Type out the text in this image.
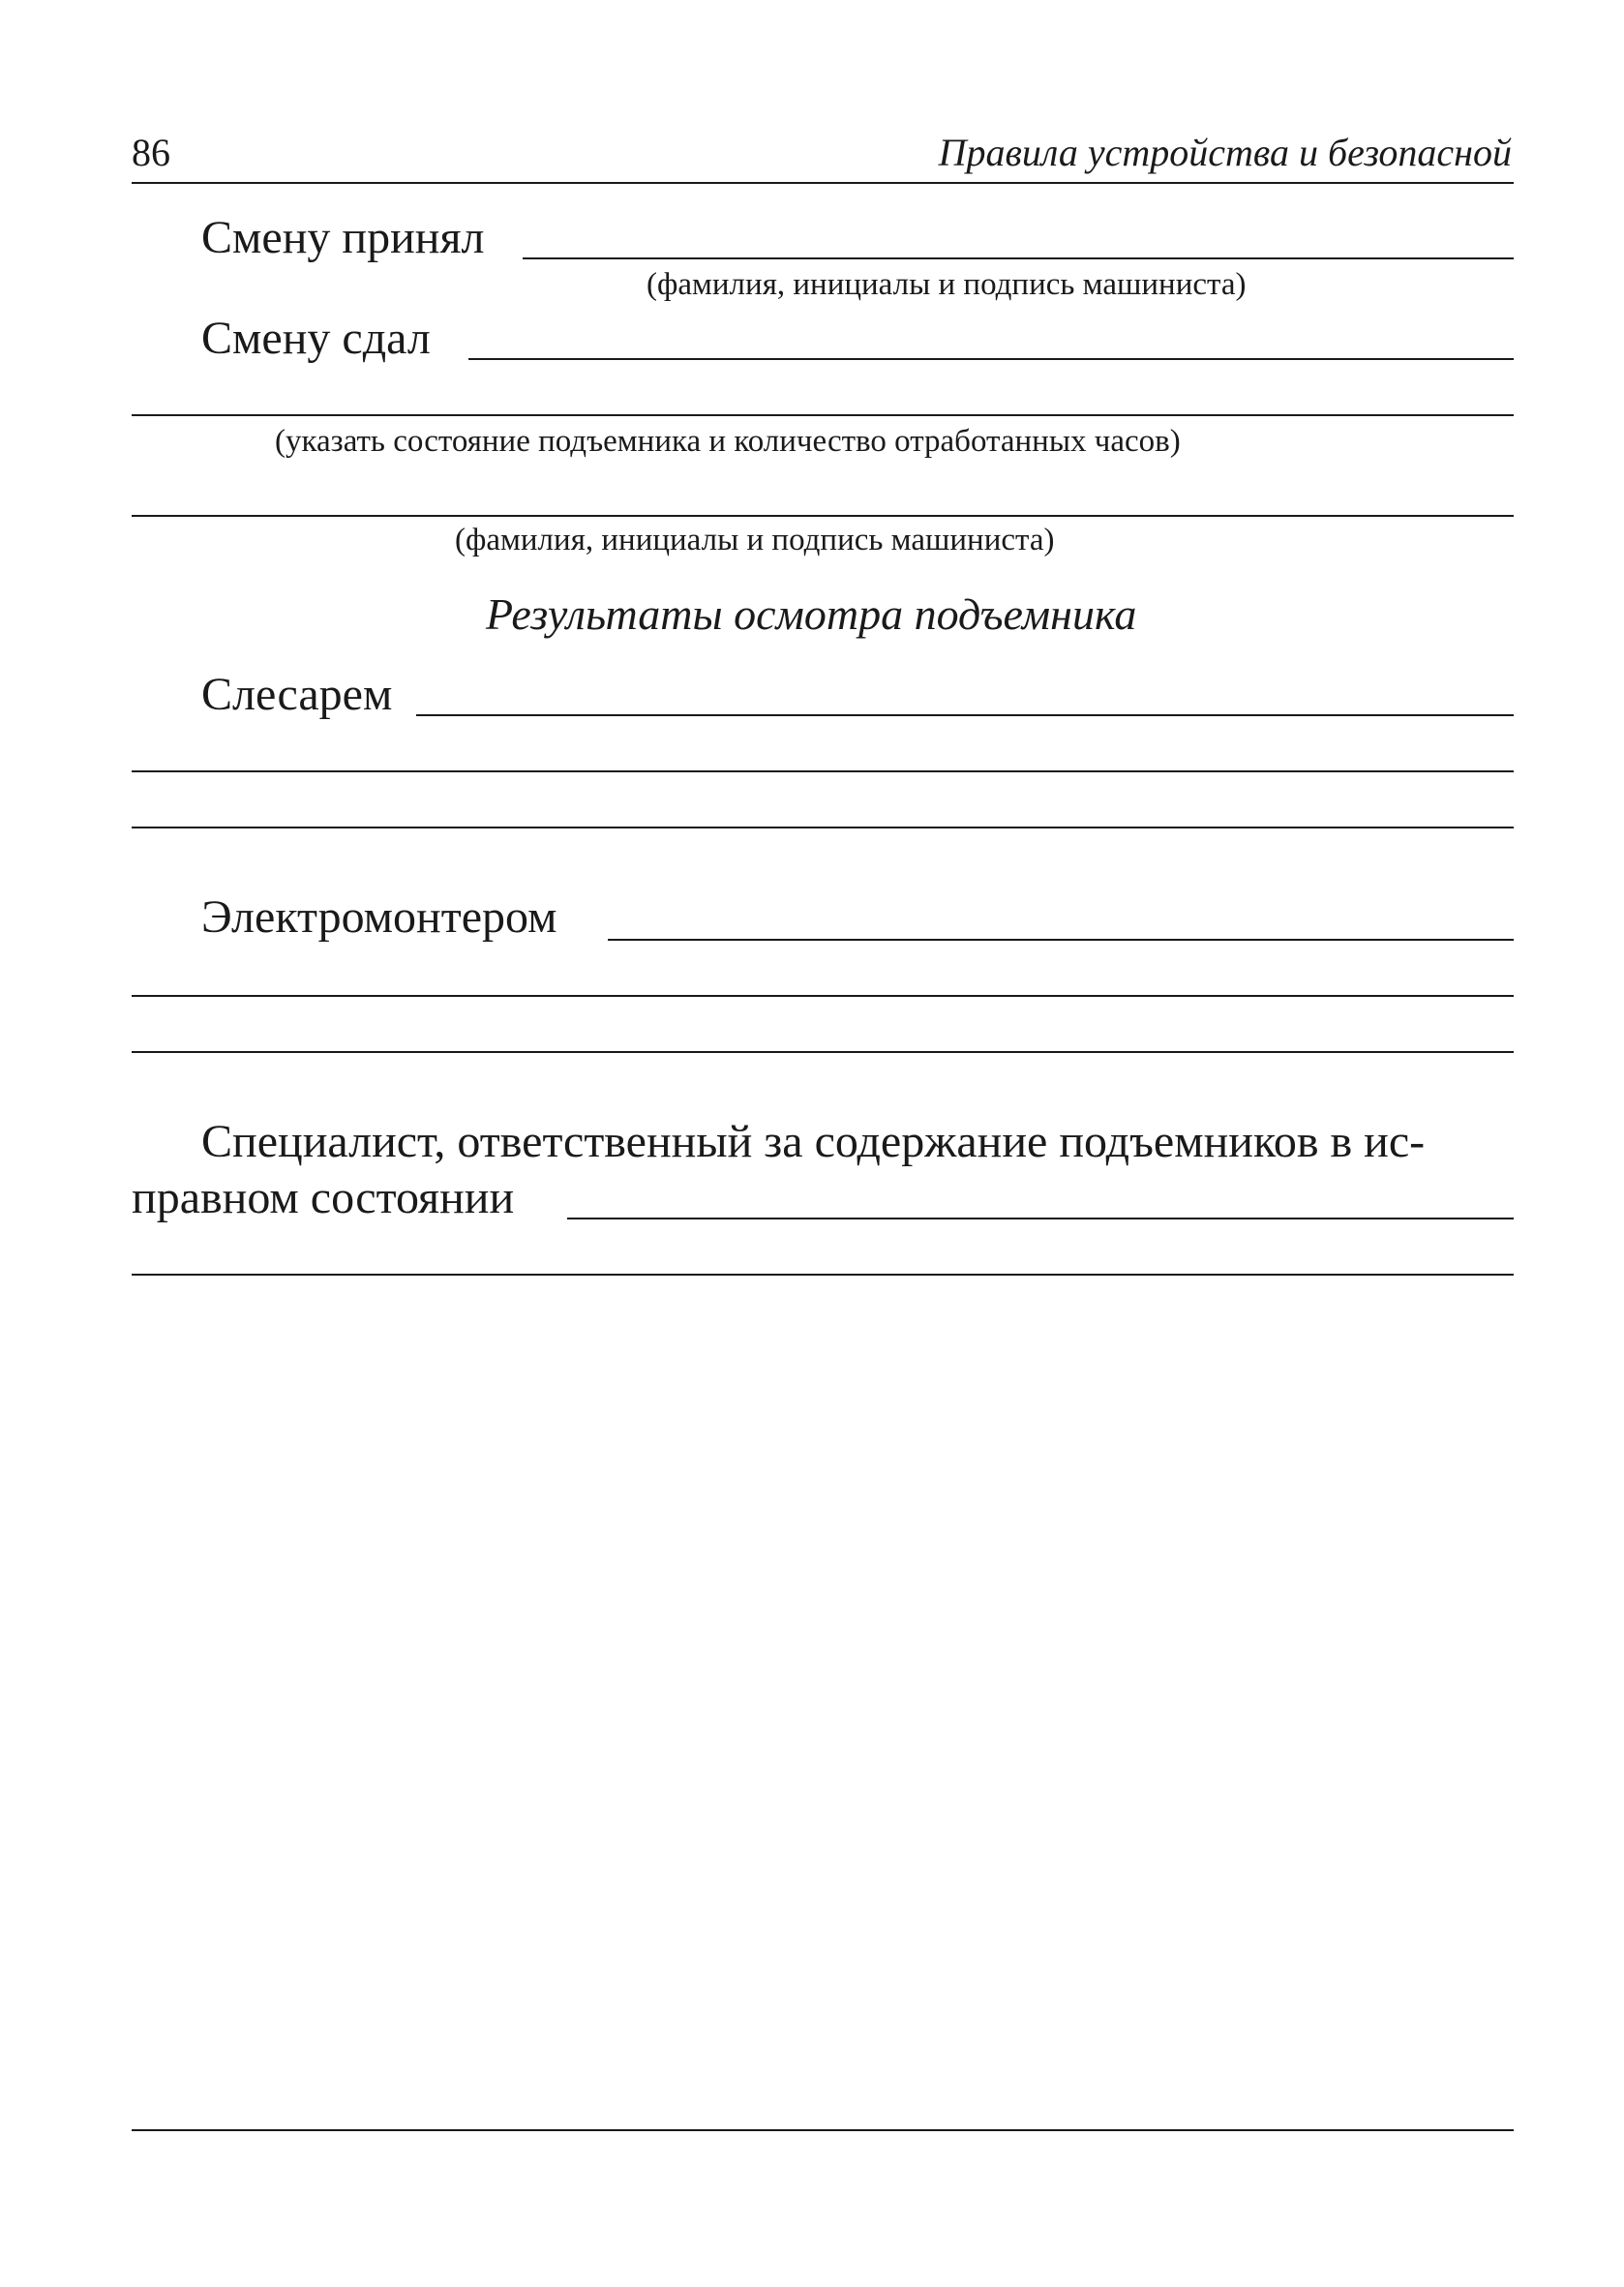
86	Правила устройства и безопасной
Смену принял
(фамилия, инициалы и подпись машиниста)
Смену сдал
(указать состояние подъемника и количество отработанных часов)
(фамилия, инициалы и подпись машиниста)
Результаты осмотра подъемника
Слесарем
Электромонтером
Специалист, ответственный за содержание подъемников в ис-
правном состоянии
